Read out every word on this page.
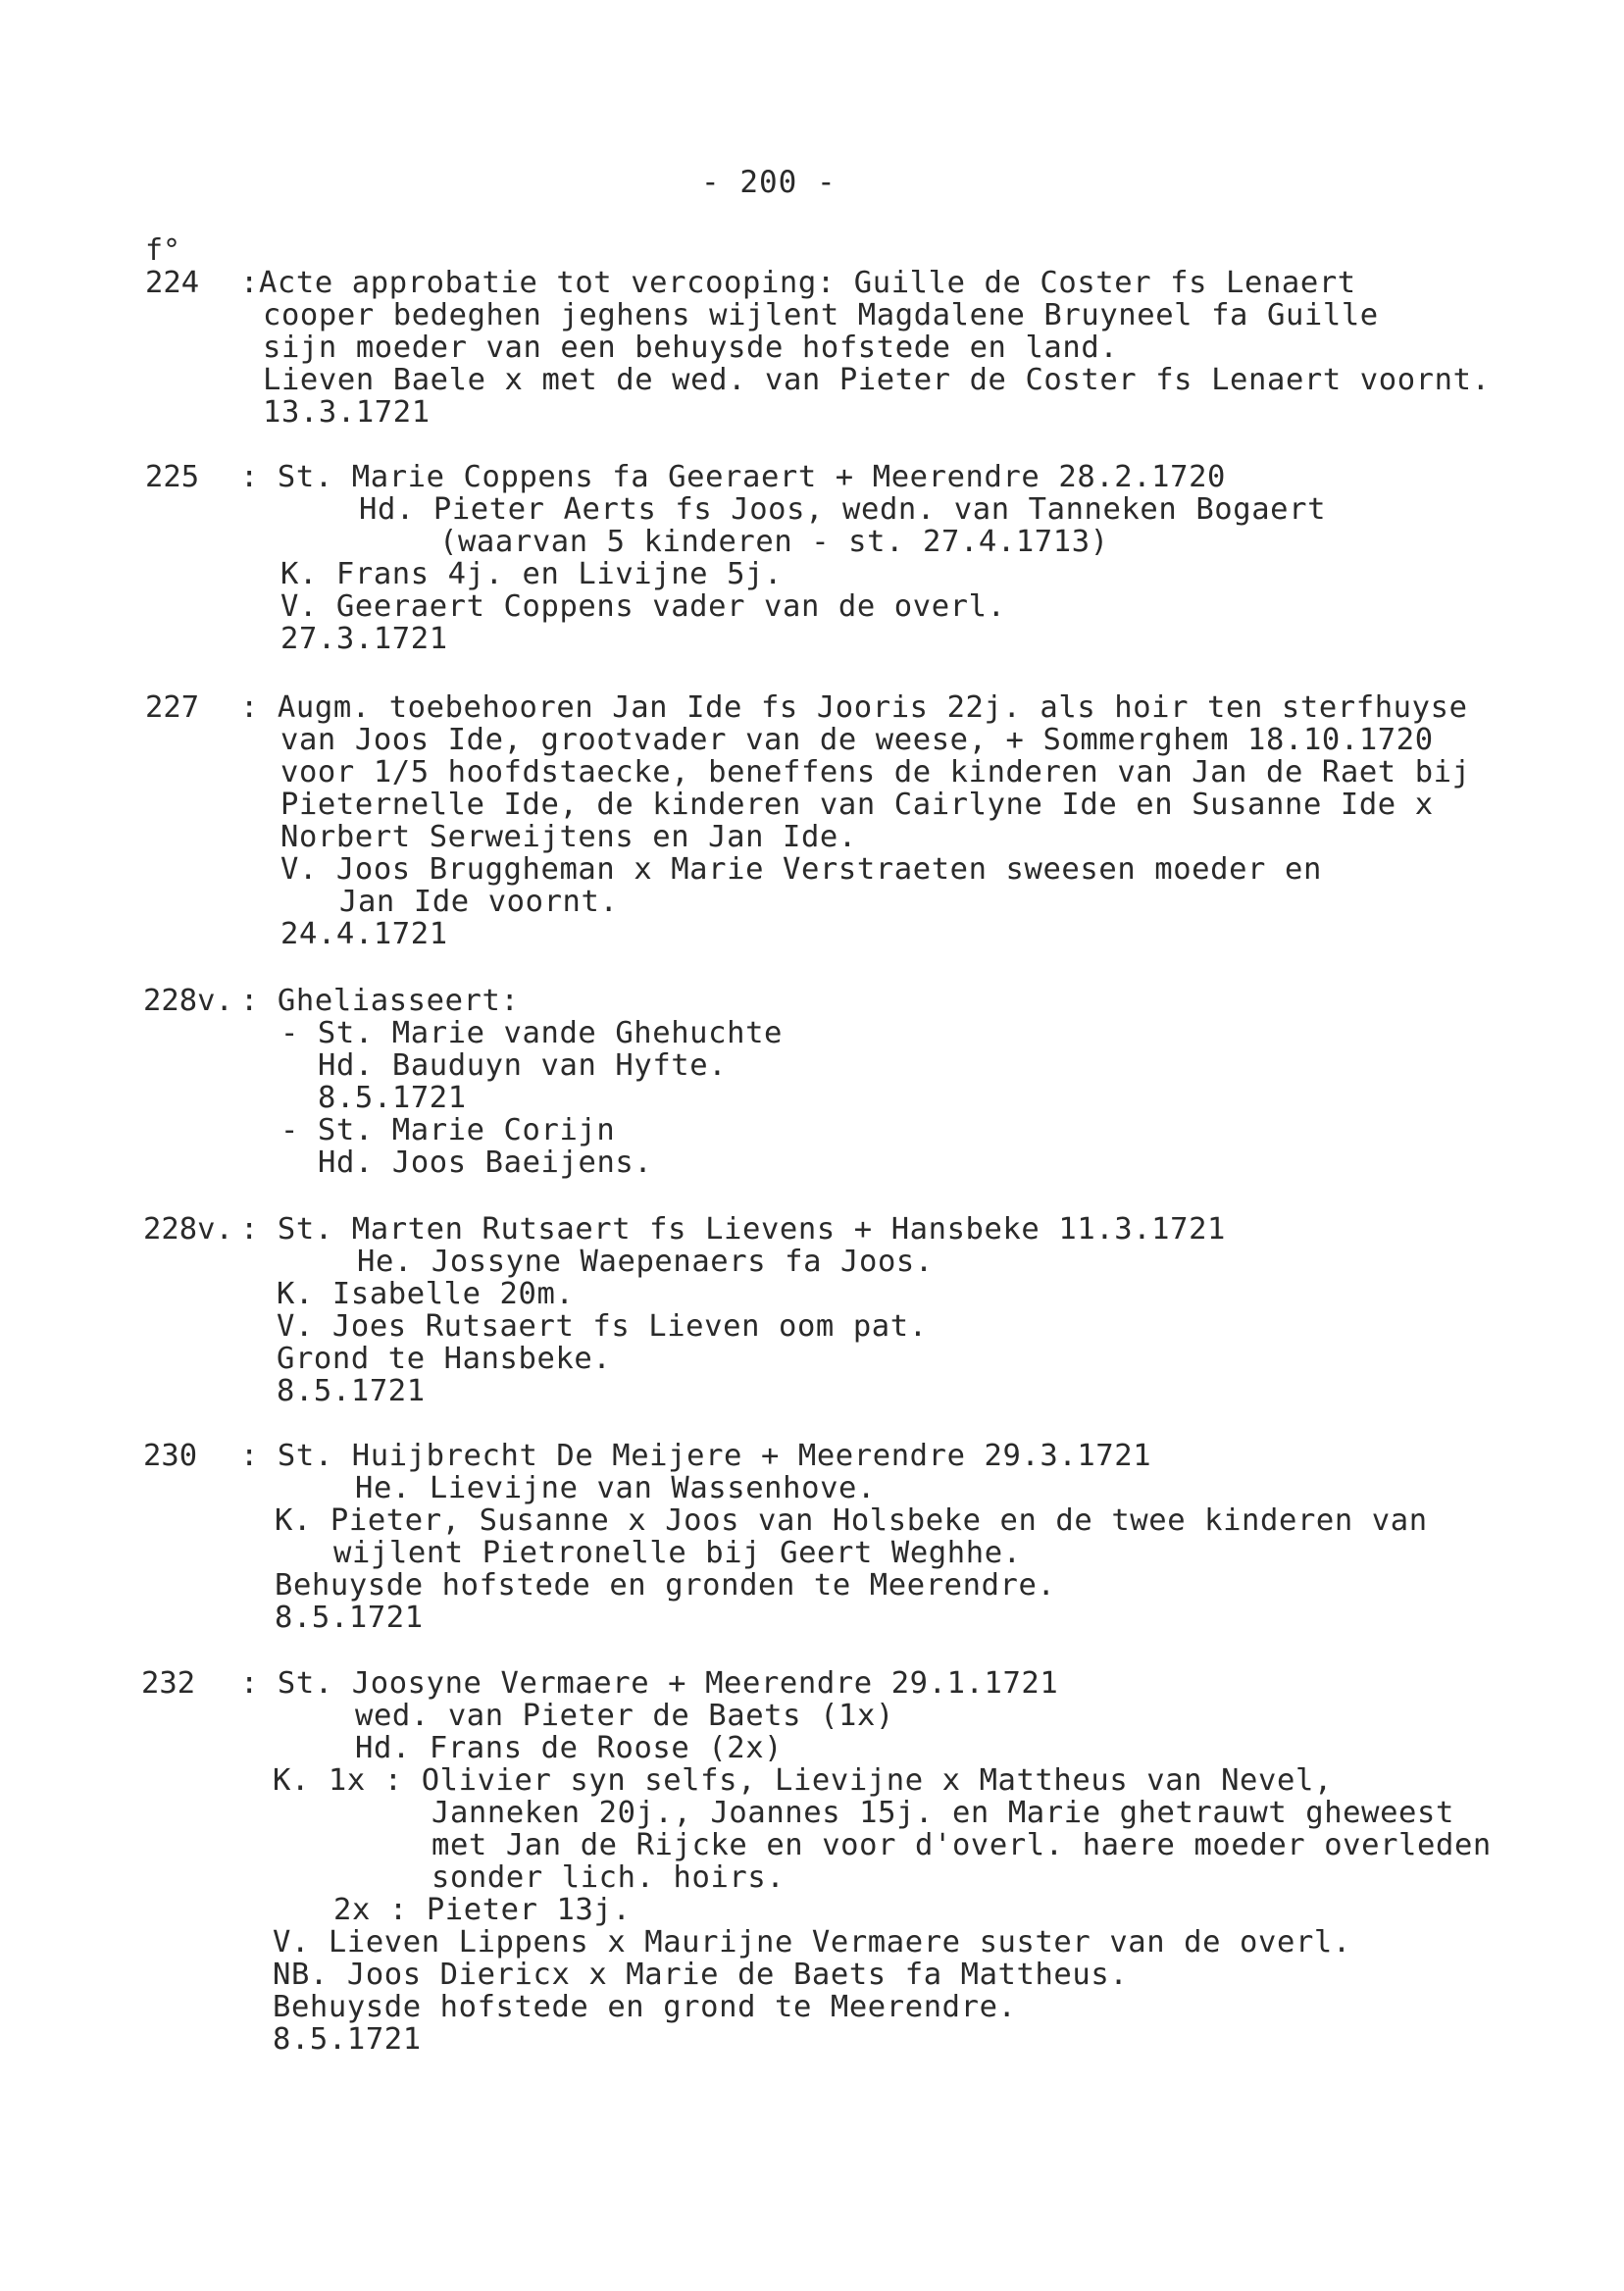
- 200 -
f°
224 :Acte approbatie tot vercooping: Guille de Coster fs Lenaert
cooper bedeghen jeghens wijlent Magdalene Bruyneel fa Guille
sijn moeder van een behuysde hofstede en land.
Lieven Baele x met de wed. van Pieter de Coster fs Lenaert voornt.
13.3.1721
225 : St. Marie Coppens fa Geeraert + Meerendre 28.2.1720
Hd. Pieter Aerts fs Joos, wedn. van Tanneken Bogaert
(waarvan 5 kinderen - st. 27.4.1713)
K. Frans 4j. en Livijne 5j.
V. Geeraert Coppens vader van de overl.
27.3.1721
227 : Augm. toebehooren Jan Ide fs Jooris 22j. als hoir ten sterfhuyse
van Joos Ide, grootvader van de weese, + Sommerghem 18.10.1720
voor 1/5 hoofdstaecke, beneffens de kinderen van Jan de Raet bij
Pieternelle Ide, de kinderen van Cairlyne Ide en Susanne Ide x
Norbert Serweijtens en Jan Ide.
V. Joos Bruggheman x Marie Verstraeten sweesen moeder en
Jan Ide voornt.
24.4.1721
228v. : Gheliasseert:
- St. Marie vande Ghehuchte
Hd. Bauduyn van Hyfte.
8.5.1721
- St. Marie Corijn
Hd. Joos Baeijens.
228v. : St. Marten Rutsaert fs Lievens + Hansbeke 11.3.1721
He. Jossyne Waepenaers fa Joos.
K. Isabelle 20m.
V. Joes Rutsaert fs Lieven oom pat.
Grond te Hansbeke.
8.5.1721
230 : St. Huijbrecht De Meijere + Meerendre 29.3.1721
He. Lievijne van Wassenhove.
K. Pieter, Susanne x Joos van Holsbeke en de twee kinderen van
wijlent Pietronelle bij Geert Weghhe.
Behuysde hofstede en gronden te Meerendre.
8.5.1721
232 : St. Joosyne Vermaere + Meerendre 29.1.1721
wed. van Pieter de Baets (1x)
Hd. Frans de Roose (2x)
K. 1x : Olivier syn selfs, Lievijne x Mattheus van Nevel,
Janneken 20j., Joannes 15j. en Marie ghetrauwt gheweest
met Jan de Rijcke en voor d'overl. haere moeder overleden
sonder lich. hoirs.
2x : Pieter 13j.
V. Lieven Lippens x Maurijne Vermaere suster van de overl.
NB. Joos Diericx x Marie de Baets fa Mattheus.
Behuysde hofstede en grond te Meerendre.
8.5.1721
